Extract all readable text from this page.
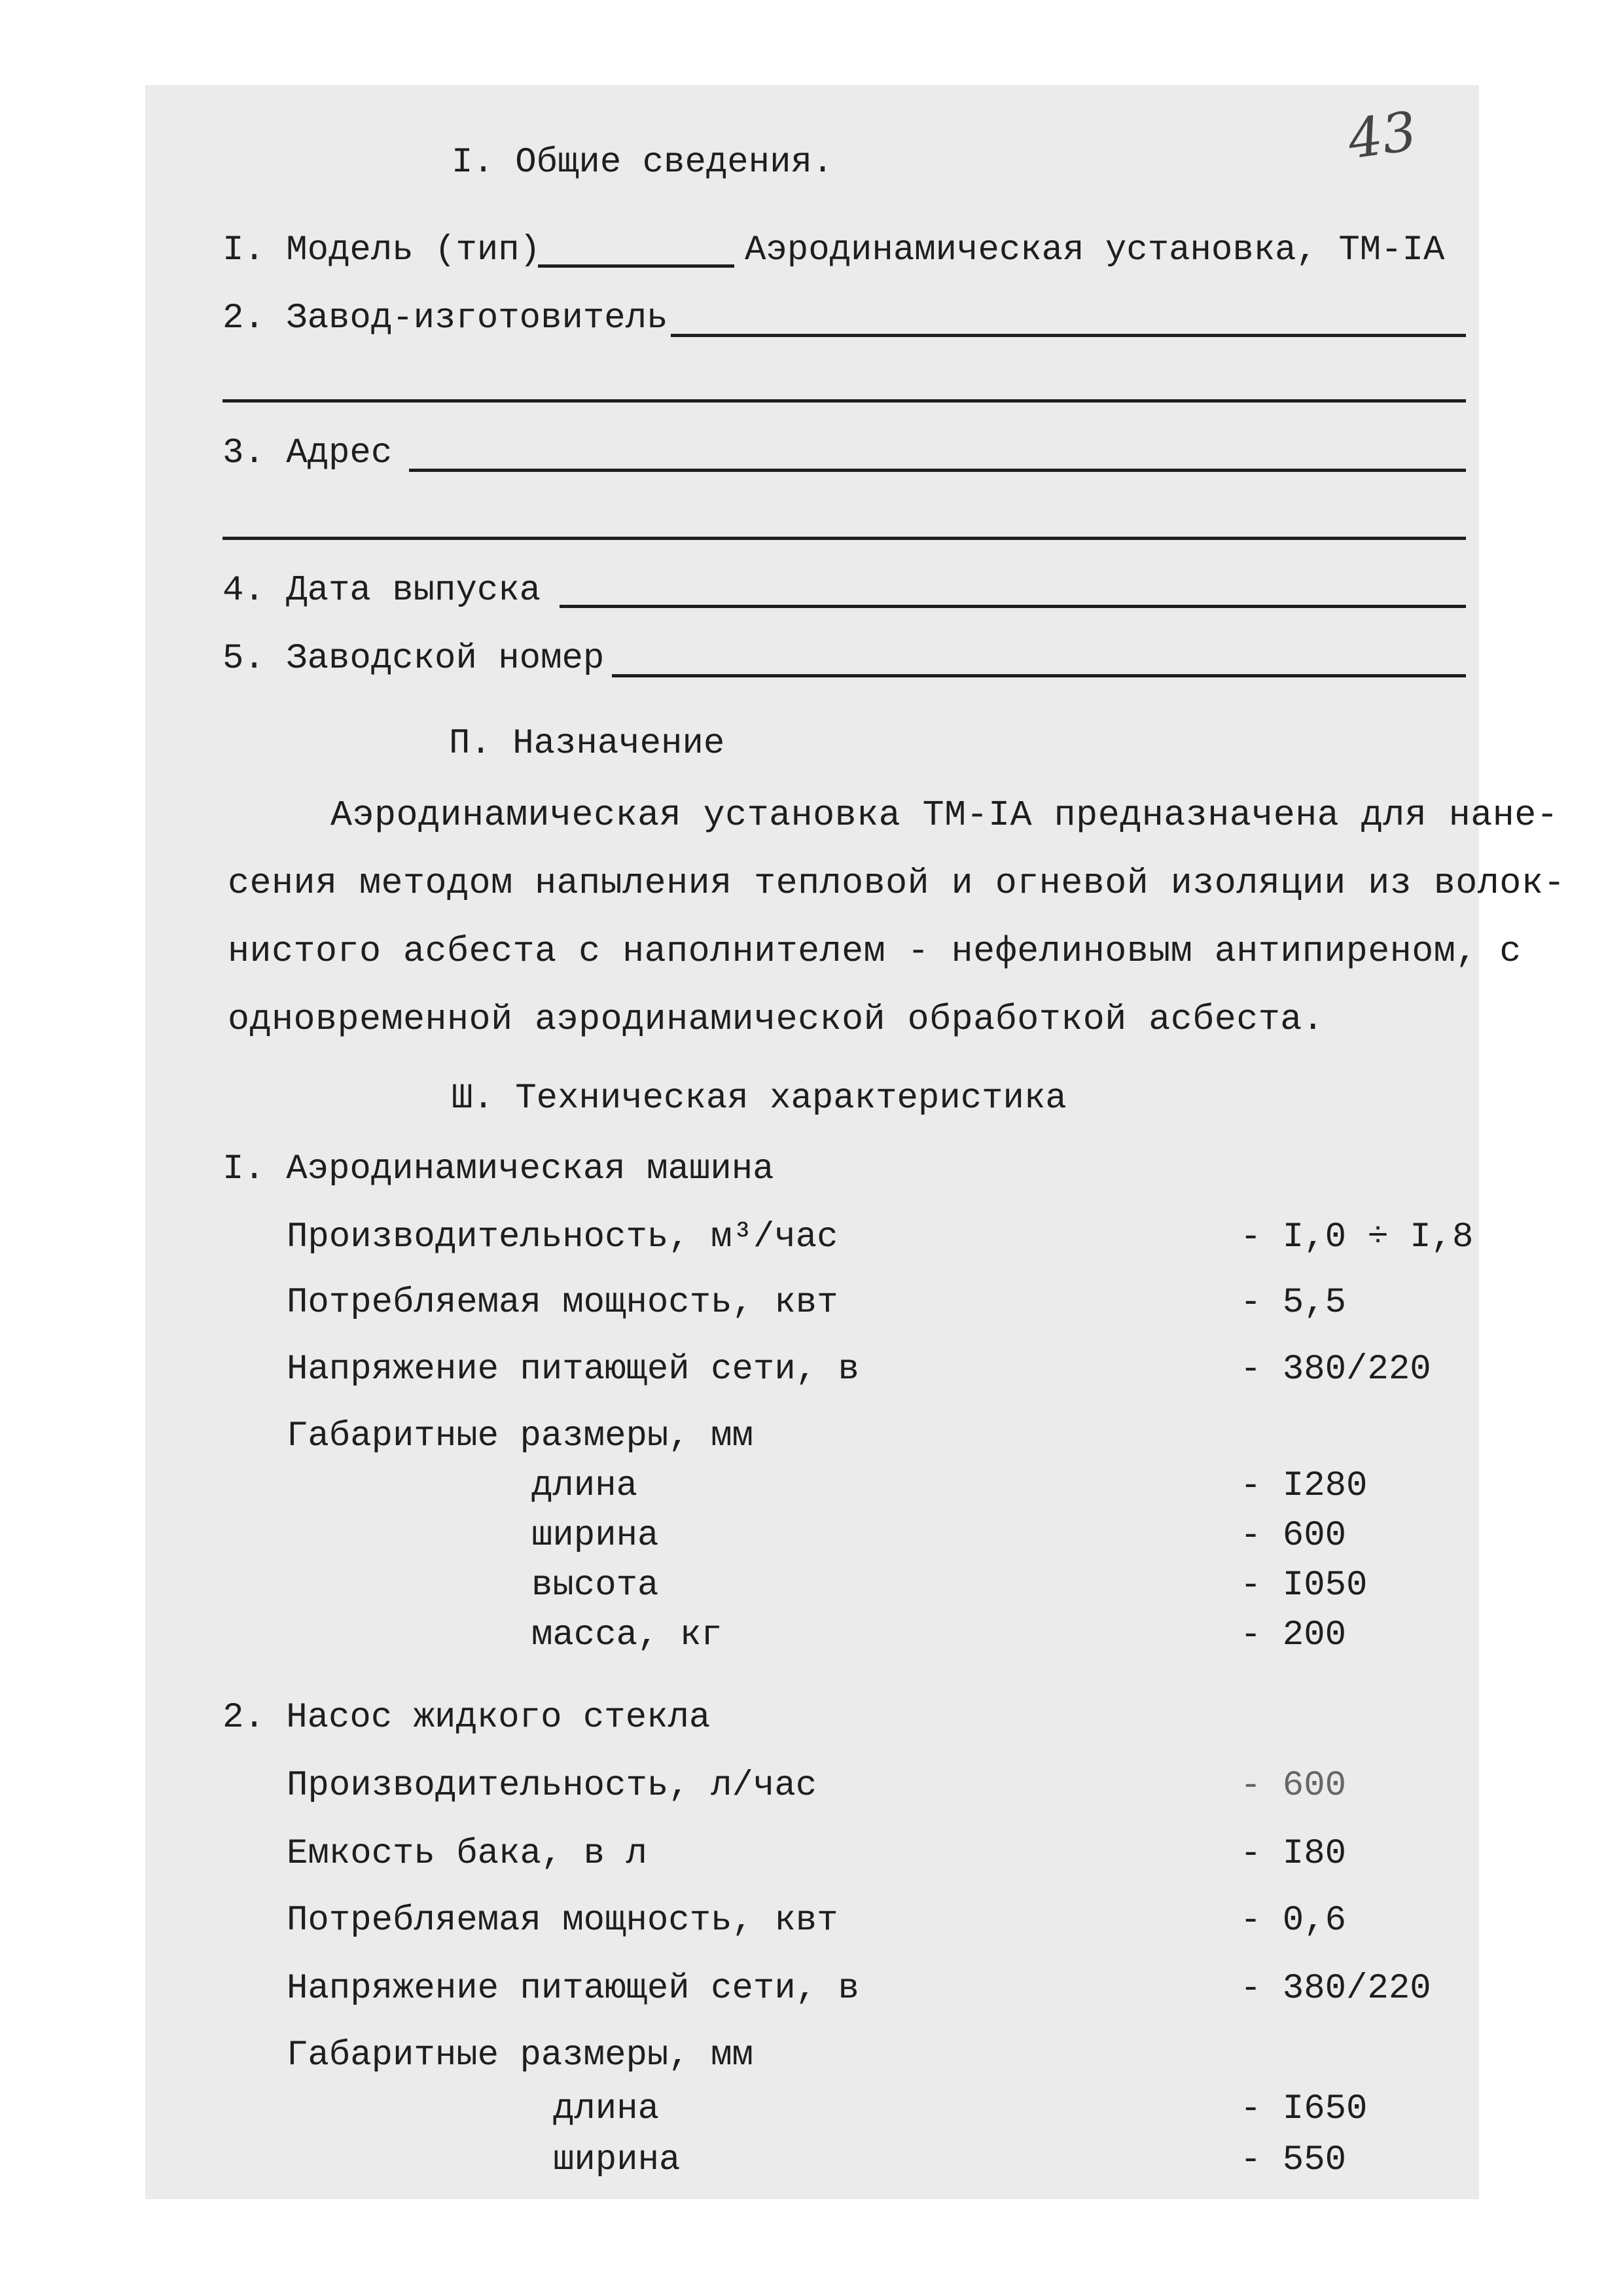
43
I. Общие сведения.
I. Модель (тип)	Аэродинамическая установка, ТМ-IА
2. Завод-изготовитель
3. Адрес
4. Дата выпуска
5. Заводской номер
П. Назначение
Аэродинамическая установка ТМ-IА предназначена для нане-
сения методом напыления тепловой и огневой изоляции из волок-
нистого асбеста с наполнителем - нефелиновым антипиреном, с
одновременной аэродинамической обработкой асбеста.
Ш. Техническая характеристика
I. Аэродинамическая машина
Производительность, м³/час	- I,0 ÷ I,8
Потребляемая мощность, квт	- 5,5
Напряжение питающей сети, в	- 380/220
Габаритные размеры, мм
длина	- I280
ширина	- 600
высота	- I050
масса, кг	- 200
2. Насос жидкого стекла
Производительность, л/час	- 600
Емкость бака, в л	- I80
Потребляемая мощность, квт	- 0,6
Напряжение питающей сети, в	- 380/220
Габаритные размеры, мм
длина	- I650
ширина	- 550
